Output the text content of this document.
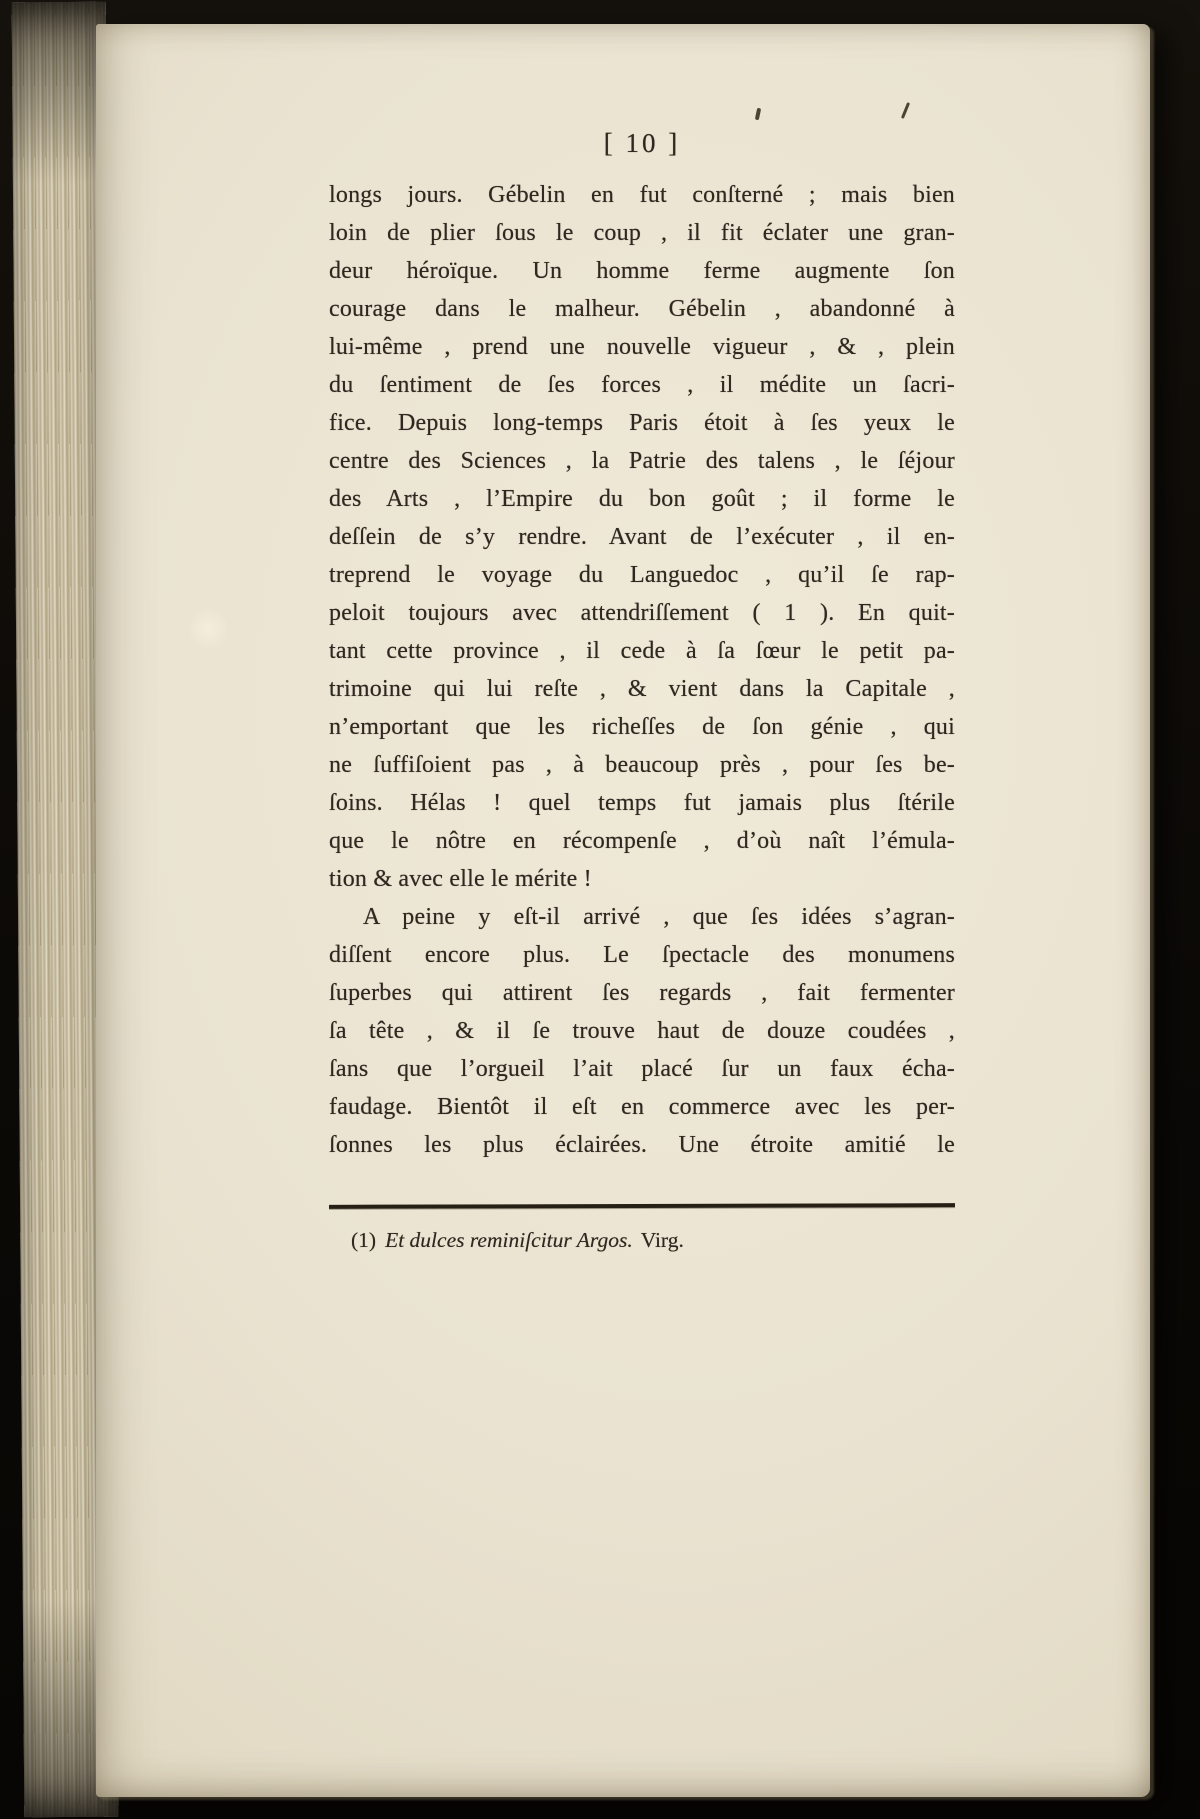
[ 10 ]
longs jours. Gébelin en fut conſterné ; mais bien
loin de plier ſous le coup , il fit éclater une gran-
deur héroïque. Un homme ferme augmente ſon
courage dans le malheur. Gébelin , abandonné à
lui-même , prend une nouvelle vigueur , & , plein
du ſentiment de ſes forces , il médite un ſacri-
fice. Depuis long-temps Paris étoit à ſes yeux le
centre des Sciences , la Patrie des talens , le ſéjour
des Arts , l’Empire du bon goût ; il forme le
deſſein de s’y rendre. Avant de l’exécuter , il en-
treprend le voyage du Languedoc , qu’il ſe rap-
peloit toujours avec attendriſſement ( 1 ). En quit-
tant cette province , il cede à ſa ſœur le petit pa-
trimoine qui lui reſte , & vient dans la Capitale ,
n’emportant que les richeſſes de ſon génie , qui
ne ſuffiſoient pas , à beaucoup près , pour ſes be-
ſoins. Hélas ! quel temps fut jamais plus ſtérile
que le nôtre en récompenſe , d’où naît l’émula-
tion & avec elle le mérite !
A peine y eſt-il arrivé , que ſes idées s’agran-
diſſent encore plus. Le ſpectacle des monumens
ſuperbes qui attirent ſes regards , fait fermenter
ſa tête , & il ſe trouve haut de douze coudées ,
ſans que l’orgueil l’ait placé ſur un faux écha-
faudage. Bientôt il eſt en commerce avec les per-
ſonnes les plus éclairées. Une étroite amitié le
(1) Et dulces reminiſcitur Argos. Virg.
